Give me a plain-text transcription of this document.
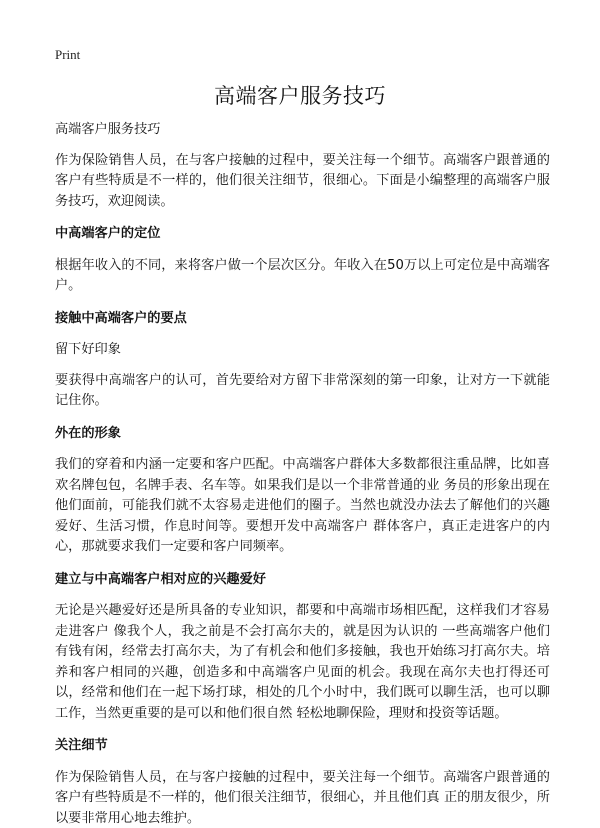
Print
高端客户服务技巧

高端客户服务技巧

作为保险销售人员，在与客户接触的过程中，要关注每一个细节。高端客户跟普通的客户有些特质是不一样的，他们很关注细节，很细心。下面是小编整理的高端客户服务技巧，欢迎阅读。

中高端客户的定位

根据年收入的不同，来将客户做一个层次区分。年收入在50万以上可定位是中高端客户。

接触中高端客户的要点

留下好印象

要获得中高端客户的认可，首先要给对方留下非常深刻的第一印象，让对方一下就能记住你。

外在的形象

我们的穿着和内涵一定要和客户匹配。中高端客户群体大多数都很注重品牌，比如喜欢名牌包包，名牌手表、名车等。如果我们是以一个非常普通的业 务员的形象出现在他们面前，可能我们就不太容易走进他们的圈子。当然也就没办法去了解他们的兴趣爱好、生活习惯，作息时间等。要想开发中高端客户 群体客户，真正走进客户的内心，那就要求我们一定要和客户同频率。

建立与中高端客户相对应的兴趣爱好

无论是兴趣爱好还是所具备的专业知识，都要和中高端市场相匹配，这样我们才容易走进客户 像我个人，我之前是不会打高尔夫的，就是因为认识的 一些高端客户他们有钱有闲，经常去打高尔夫，为了有机会和他们多接触，我也开始练习打高尔夫。培养和客户相同的兴趣，创造多和中高端客户见面的机会。我现在高尔夫也打得还可以，经常和他们在一起下场打球，相处的几个小时中，我们既可以聊生活，也可以聊工作，当然更重要的是可以和他们很自然 轻松地聊保险，理财和投资等话题。

关注细节

作为保险销售人员，在与客户接触的过程中，要关注每一个细节。高端客户跟普通的客户有些特质是不一样的，他们很关注细节，很细心，并且他们真 正的朋友很少，所以要非常用心地去维护。
